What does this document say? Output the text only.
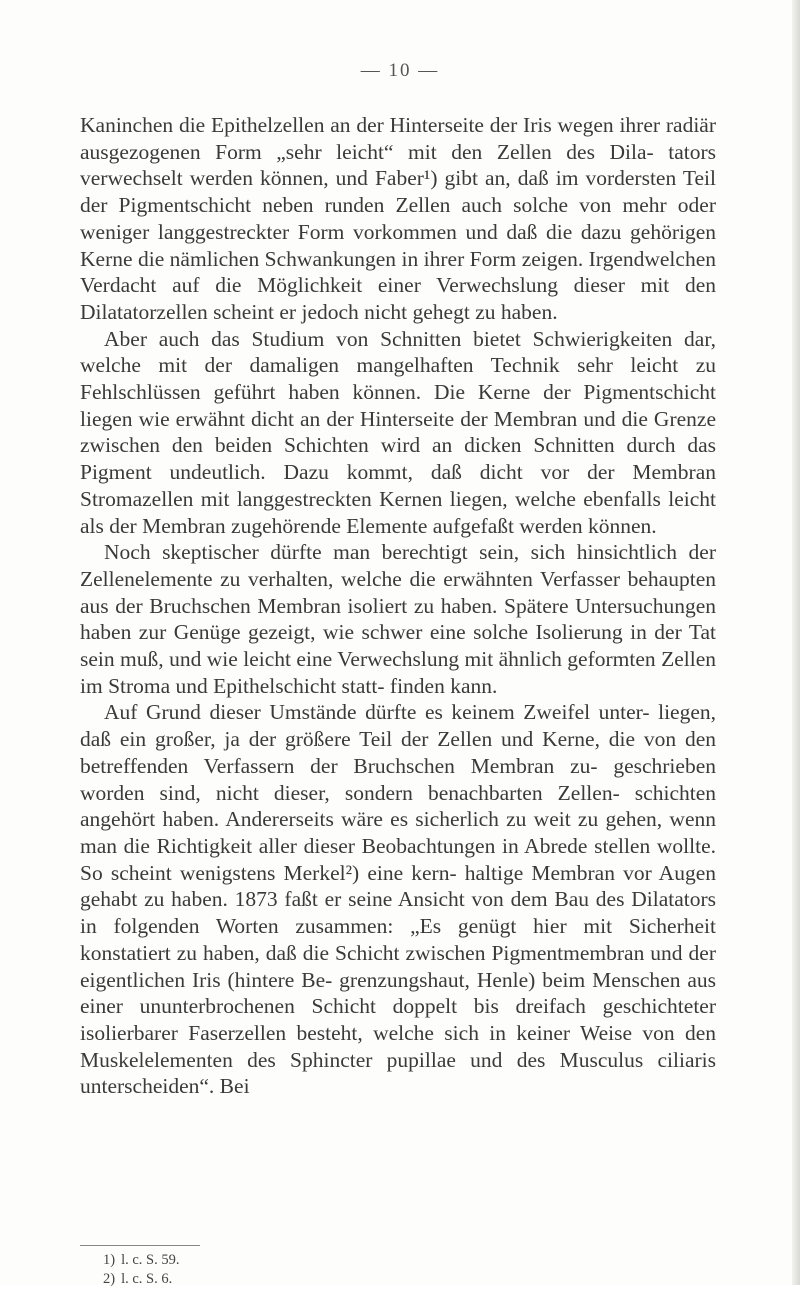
— 10 —

Kaninchen die Epithelzellen an der Hinterseite der Iris wegen ihrer radiär ausgezogenen Form „sehr leicht“ mit den Zellen des Dila- tators verwechselt werden können, und Faber¹) gibt an, daß im vordersten Teil der Pigmentschicht neben runden Zellen auch solche von mehr oder weniger langgestreckter Form vorkommen und daß die dazu gehörigen Kerne die nämlichen Schwankungen in ihrer Form zeigen. Irgendwelchen Verdacht auf die Möglichkeit einer Verwechslung dieser mit den Dilatatorzellen scheint er jedoch nicht gehegt zu haben.

Aber auch das Studium von Schnitten bietet Schwierigkeiten dar, welche mit der damaligen mangelhaften Technik sehr leicht zu Fehlschlüssen geführt haben können. Die Kerne der Pigmentschicht liegen wie erwähnt dicht an der Hinterseite der Membran und die Grenze zwischen den beiden Schichten wird an dicken Schnitten durch das Pigment undeutlich. Dazu kommt, daß dicht vor der Membran Stromazellen mit langgestreckten Kernen liegen, welche ebenfalls leicht als der Membran zugehörende Elemente aufgefaßt werden können.

Noch skeptischer dürfte man berechtigt sein, sich hinsichtlich der Zellenelemente zu verhalten, welche die erwähnten Verfasser behaupten aus der Bruchschen Membran isoliert zu haben. Spätere Untersuchungen haben zur Genüge gezeigt, wie schwer eine solche Isolierung in der Tat sein muß, und wie leicht eine Verwechslung mit ähnlich geformten Zellen im Stroma und Epithelschicht statt- finden kann.

Auf Grund dieser Umstände dürfte es keinem Zweifel unter- liegen, daß ein großer, ja der größere Teil der Zellen und Kerne, die von den betreffenden Verfassern der Bruchschen Membran zu- geschrieben worden sind, nicht dieser, sondern benachbarten Zellen- schichten angehört haben. Andererseits wäre es sicherlich zu weit zu gehen, wenn man die Richtigkeit aller dieser Beobachtungen in Abrede stellen wollte. So scheint wenigstens Merkel²) eine kern- haltige Membran vor Augen gehabt zu haben. 1873 faßt er seine Ansicht von dem Bau des Dilatators in folgenden Worten zusammen: „Es genügt hier mit Sicherheit konstatiert zu haben, daß die Schicht zwischen Pigmentmembran und der eigentlichen Iris (hintere Be- grenzungshaut, Henle) beim Menschen aus einer ununterbrochenen Schicht doppelt bis dreifach geschichteter isolierbarer Faserzellen besteht, welche sich in keiner Weise von den Muskelelementen des Sphincter pupillae und des Musculus ciliaris unterscheiden“. Bei

1) l. c. S. 59.
2) l. c. S. 6.
